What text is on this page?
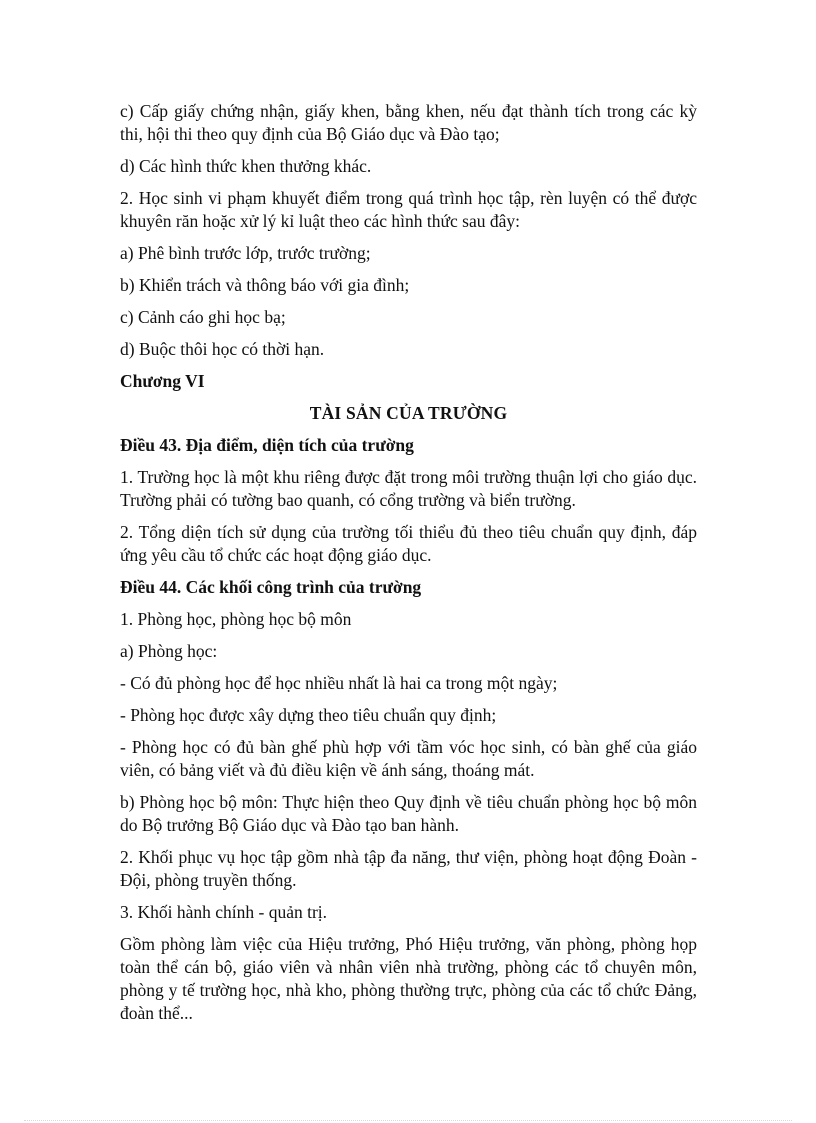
c) Cấp giấy chứng nhận, giấy khen, bằng khen, nếu đạt thành tích trong các kỳ thi, hội thi theo quy định của Bộ Giáo dục và Đào tạo;

d) Các hình thức khen thưởng khác.

2. Học sinh vi phạm khuyết điểm trong quá trình học tập, rèn luyện có thể được khuyên răn hoặc xử lý kỉ luật theo các hình thức sau đây:

a) Phê bình trước lớp, trước trường;

b) Khiển trách và thông báo với gia đình;

c) Cảnh cáo ghi học bạ;

d) Buộc thôi học có thời hạn.

Chương VI
TÀI SẢN CỦA TRƯỜNG
Điều 43. Địa điểm, diện tích của trường

1. Trường học là một khu riêng được đặt trong môi trường thuận lợi cho giáo dục. Trường phải có tường bao quanh, có cổng trường và biển trường.

2. Tổng diện tích sử dụng của trường tối thiểu đủ theo tiêu chuẩn quy định, đáp ứng yêu cầu tổ chức các hoạt động giáo dục.

Điều 44. Các khối công trình của trường

1. Phòng học, phòng học bộ môn

a) Phòng học:

- Có đủ phòng học để học nhiều nhất là hai ca trong một ngày;

- Phòng học được xây dựng theo tiêu chuẩn quy định;

- Phòng học có đủ bàn ghế phù hợp với tầm vóc học sinh, có bàn ghế của giáo viên, có bảng viết và đủ điều kiện về ánh sáng, thoáng mát.

b) Phòng học bộ môn: Thực hiện theo Quy định về tiêu chuẩn phòng học bộ môn do Bộ trưởng Bộ Giáo dục và Đào tạo ban hành.

2. Khối phục vụ học tập gồm nhà tập đa năng, thư viện, phòng hoạt động Đoàn - Đội, phòng truyền thống.

3. Khối hành chính - quản trị.

Gồm phòng làm việc của Hiệu trưởng, Phó Hiệu trưởng, văn phòng, phòng họp toàn thể cán bộ, giáo viên và nhân viên nhà trường, phòng các tổ chuyên môn, phòng y tế trường học, nhà kho, phòng thường trực, phòng của các tổ chức Đảng, đoàn thể...
